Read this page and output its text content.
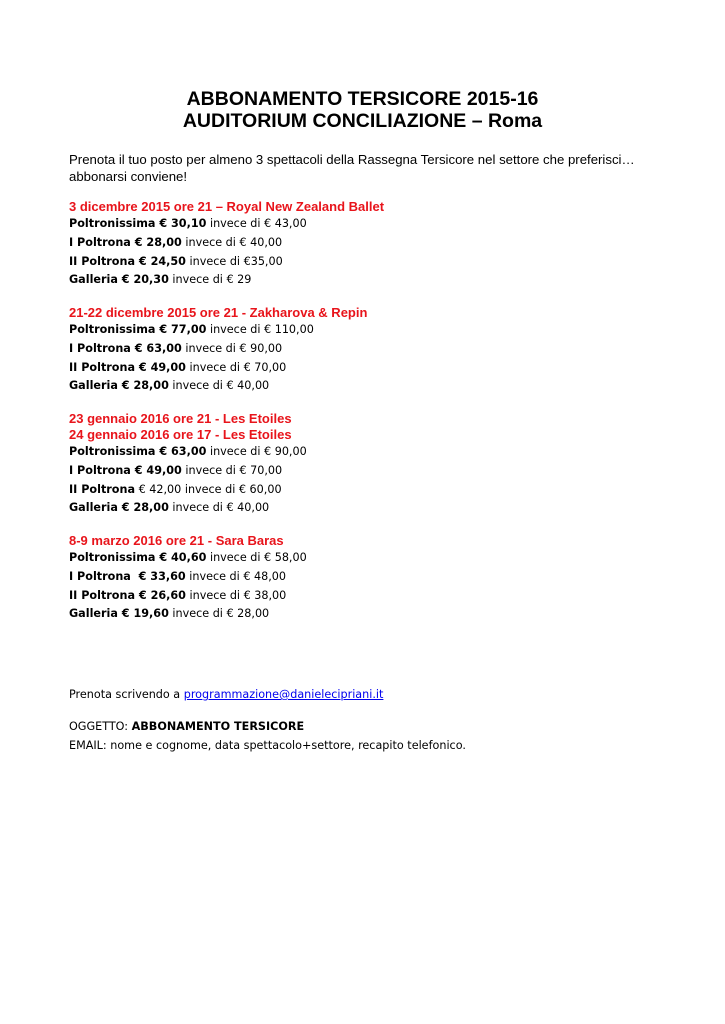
ABBONAMENTO TERSICORE 2015-16
AUDITORIUM CONCILIAZIONE – Roma

Prenota il tuo posto per almeno 3 spettacoli della Rassegna Tersicore nel settore che preferisci… abbonarsi conviene!

3 dicembre 2015 ore 21 – Royal New Zealand Ballet

Poltronissima € 30,10 invece di € 43,00

I Poltrona € 28,00 invece di € 40,00

II Poltrona € 24,50 invece di €35,00

Galleria € 20,30 invece di € 29

21-22 dicembre 2015 ore 21 - Zakharova & Repin

Poltronissima € 77,00 invece di € 110,00

I Poltrona € 63,00 invece di € 90,00

II Poltrona € 49,00 invece di € 70,00

Galleria € 28,00 invece di € 40,00

23 gennaio 2016 ore 21 - Les Etoiles

24 gennaio 2016 ore 17 - Les Etoiles

Poltronissima € 63,00 invece di € 90,00

I Poltrona € 49,00 invece di € 70,00

II Poltrona € 42,00 invece di € 60,00

Galleria € 28,00 invece di € 40,00

8-9 marzo 2016 ore 21 - Sara Baras

Poltronissima € 40,60 invece di € 58,00

I Poltrona  € 33,60 invece di € 48,00

II Poltrona € 26,60 invece di € 38,00

Galleria € 19,60 invece di € 28,00

Prenota scrivendo a programmazione@danielecipriani.it

OGGETTO: ABBONAMENTO TERSICORE

EMAIL: nome e cognome, data spettacolo+settore, recapito telefonico.
